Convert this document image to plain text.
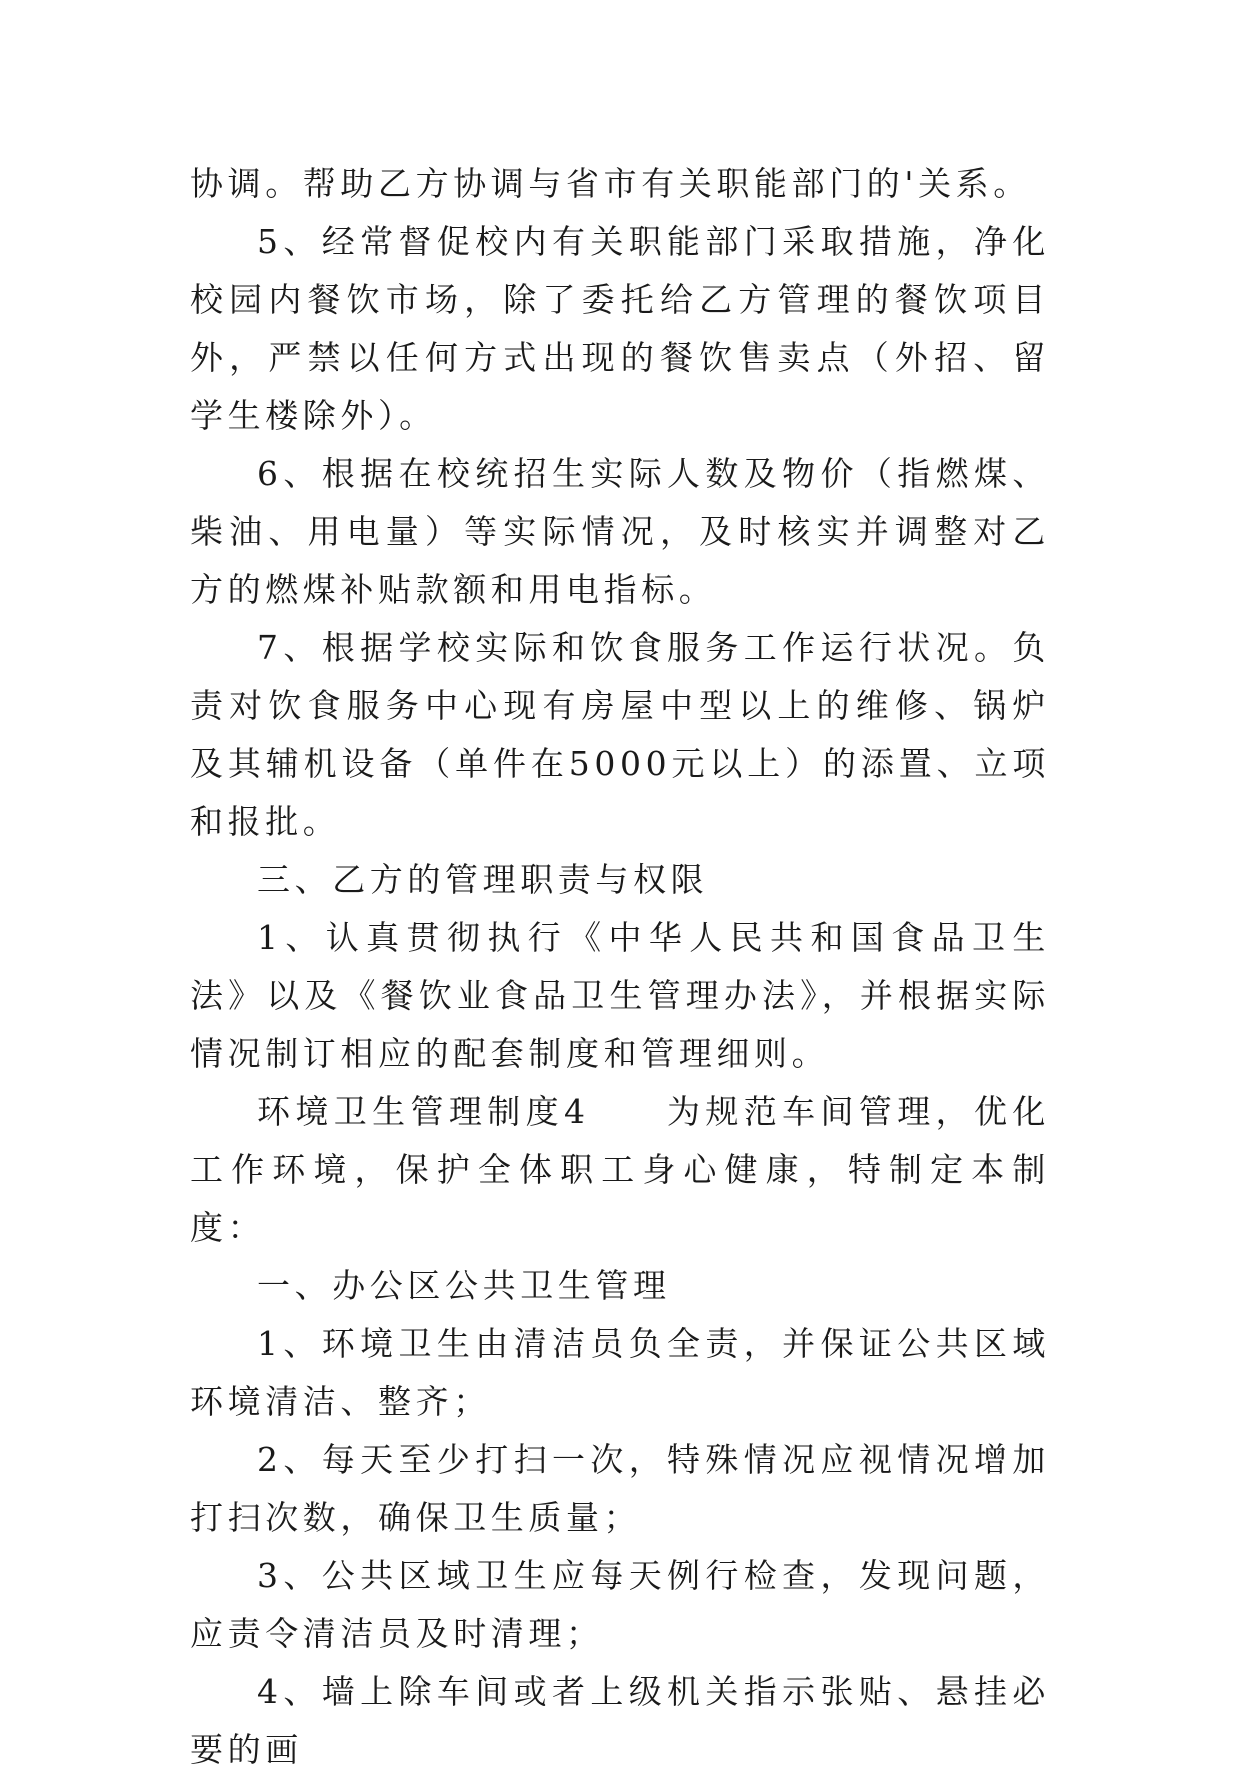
协调。帮助乙方协调与省市有关职能部门的'关系。

5、经常督促校内有关职能部门采取措施，净化校园内餐饮市场，除了委托给乙方管理的餐饮项目外，严禁以任何方式出现的餐饮售卖点（外招、留学生楼除外）。

6、根据在校统招生实际人数及物价（指燃煤、柴油、用电量）等实际情况，及时核实并调整对乙方的燃煤补贴款额和用电指标。

7、根据学校实际和饮食服务工作运行状况。负责对饮食服务中心现有房屋中型以上的维修、锅炉及其辅机设备（单件在5000元以上）的添置、立项和报批。

三、乙方的管理职责与权限

1、认真贯彻执行《中华人民共和国食品卫生法》以及《餐饮业食品卫生管理办法》，并根据实际情况制订相应的配套制度和管理细则。

环境卫生管理制度4　　为规范车间管理，优化工作环境，保护全体职工身心健康，特制定本制度：

一、办公区公共卫生管理

1、环境卫生由清洁员负全责，并保证公共区域环境清洁、整齐；

2、每天至少打扫一次，特殊情况应视情况增加打扫次数，确保卫生质量；

3、公共区域卫生应每天例行检查，发现问题，应责令清洁员及时清理；

4、墙上除车间或者上级机关指示张贴、悬挂必要的画
